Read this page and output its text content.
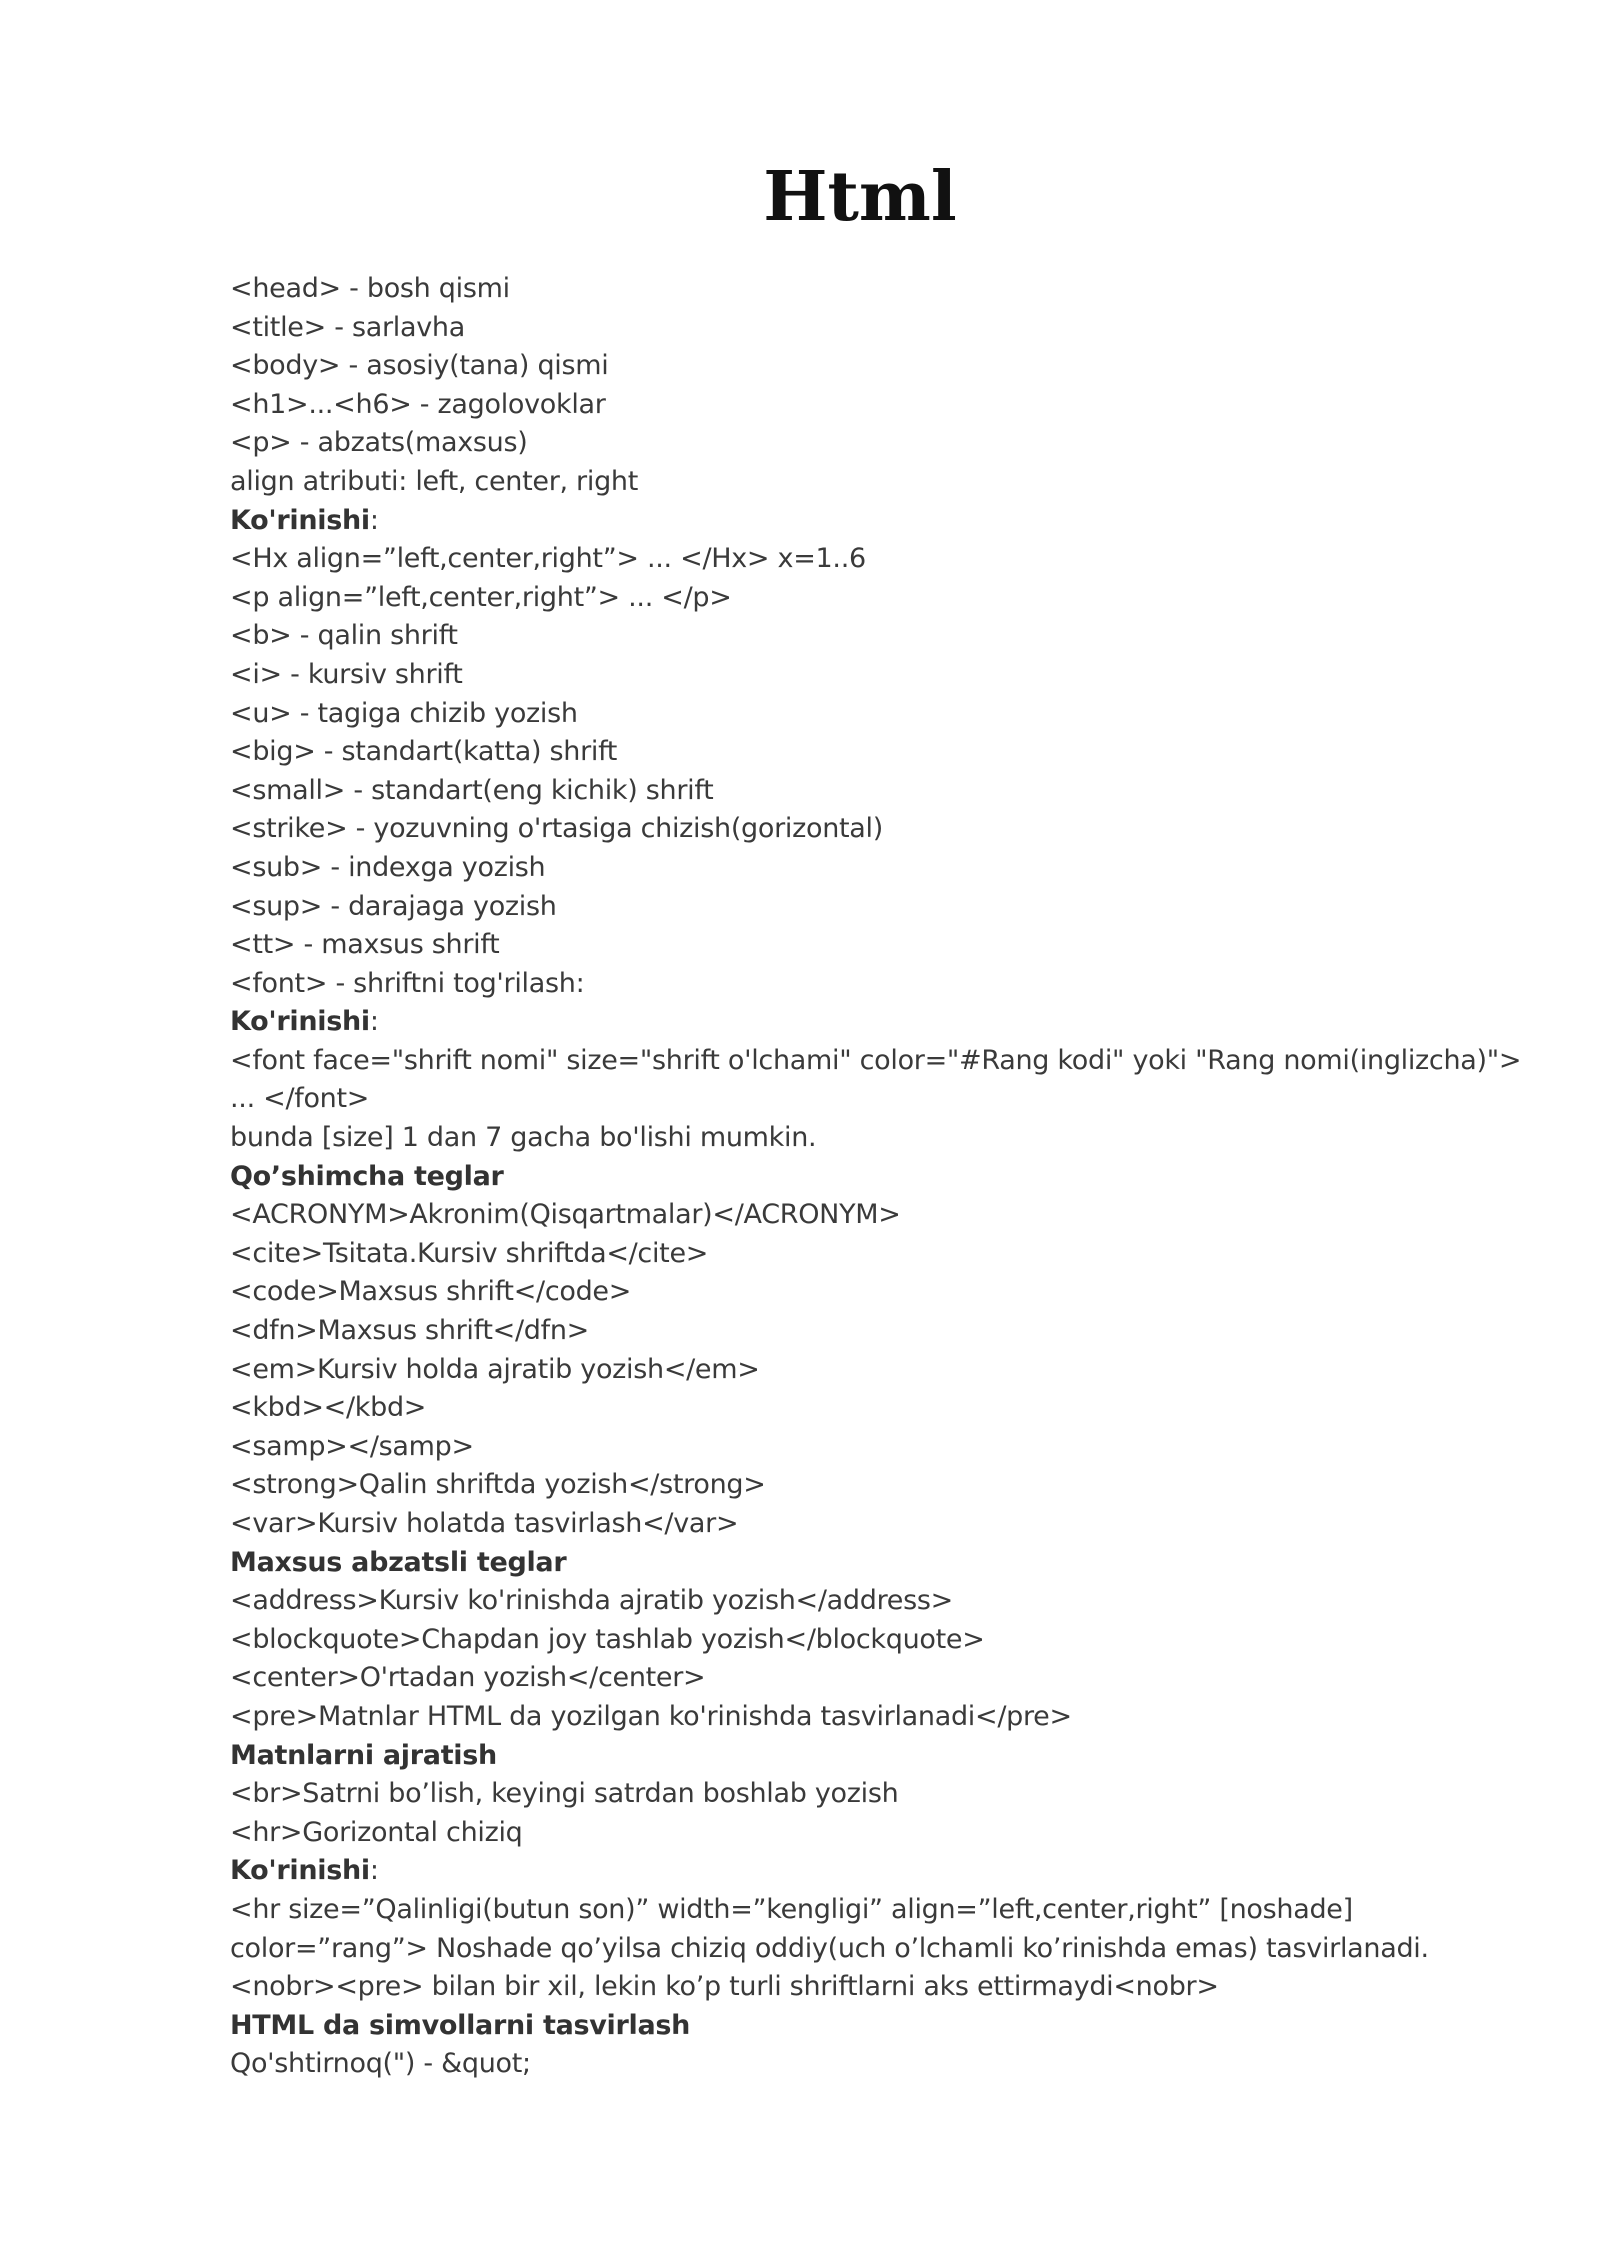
Html
<head> - bosh qismi
<title> - sarlavha
<body> - asosiy(tana) qismi
<h1>...<h6> - zagolovoklar
<p> - abzats(maxsus)
align atributi: left, center, right
Ko'rinishi:
<Hx align=”left,center,right”> ... </Hx> x=1..6
<p align=”left,center,right”> ... </p>
<b> - qalin shrift
<i> - kursiv shrift
<u> - tagiga chizib yozish
<big> - standart(katta) shrift
<small> - standart(eng kichik) shrift
<strike> - yozuvning o'rtasiga chizish(gorizontal)
<sub> - indexga yozish
<sup> - darajaga yozish
<tt> - maxsus shrift
<font> - shriftni tog'rilash:
Ko'rinishi:
<font face="shrift nomi" size="shrift o'lchami" color="#Rang kodi" yoki "Rang nomi(inglizcha)">
... </font>
bunda [size] 1 dan 7 gacha bo'lishi mumkin.
Qo’shimcha teglar
<ACRONYM>Akronim(Qisqartmalar)</ACRONYM>
<cite>Tsitata.Kursiv shriftda</cite>
<code>Maxsus shrift</code>
<dfn>Maxsus shrift</dfn>
<em>Kursiv holda ajratib yozish</em>
<kbd></kbd>
<samp></samp>
<strong>Qalin shriftda yozish</strong>
<var>Kursiv holatda tasvirlash</var>
Maxsus abzatsli teglar
<address>Kursiv ko'rinishda ajratib yozish</address>
<blockquote>Chapdan joy tashlab yozish</blockquote>
<center>O'rtadan yozish</center>
<pre>Matnlar HTML da yozilgan ko'rinishda tasvirlanadi</pre>
Matnlarni ajratish
<br>Satrni bo’lish, keyingi satrdan boshlab yozish
<hr>Gorizontal chiziq
Ko'rinishi:
<hr size=”Qalinligi(butun son)” width=”kengligi” align=”left,center,right” [noshade]
color=”rang”> Noshade qo’yilsa chiziq oddiy(uch o’lchamli ko’rinishda emas) tasvirlanadi.
<nobr><pre> bilan bir xil, lekin ko’p turli shriftlarni aks ettirmaydi<nobr>
HTML da simvollarni tasvirlash
Qo'shtirnoq(") - &quot;
